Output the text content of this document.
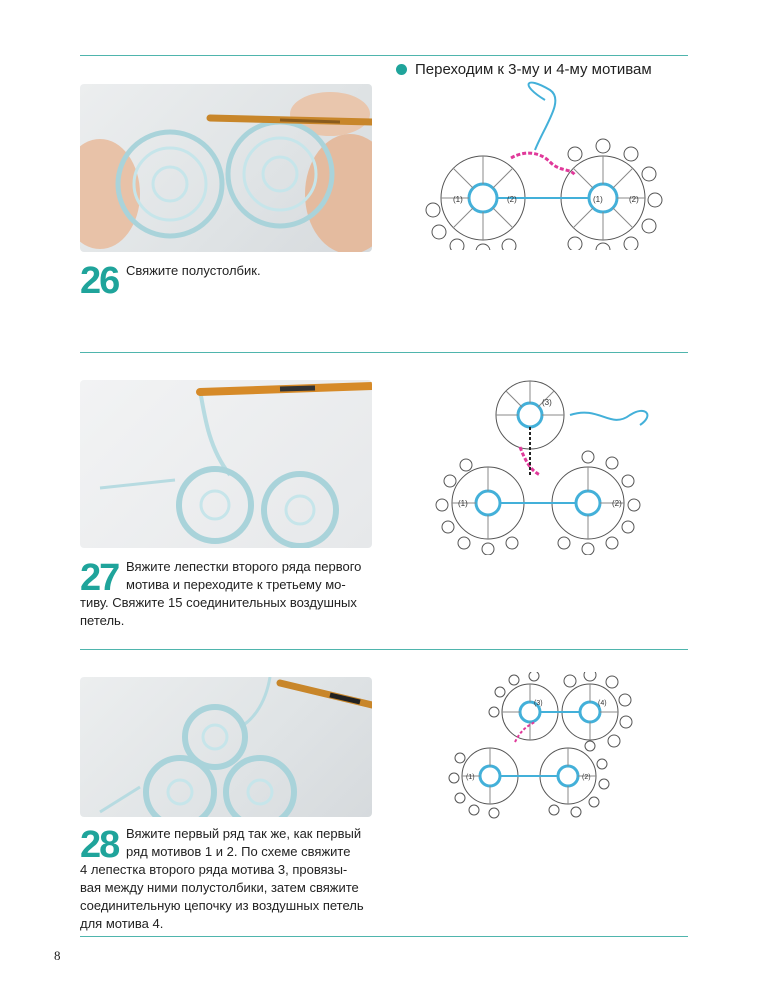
Переходим к 3-му и 4-му мотивам
26 Свяжите полустолбик.
(1)	(2)	(1)	(2)
27 Вяжите лепестки второго ряда первого
мотива и переходите к третьему мо-
тиву. Свяжите 15 соединительных воздушных
петель.
(1)	(2)
(3)
28 Вяжите первый ряд так же, как первый
ряд мотивов 1 и 2. По схеме свяжите
4 лепестка второго ряда мотива 3, провязы-
вая между ними полустолбики, затем свяжите
соединительную цепочку из воздушных петель
для мотива 4.
(1)	(2)
(3)	(4)
8
